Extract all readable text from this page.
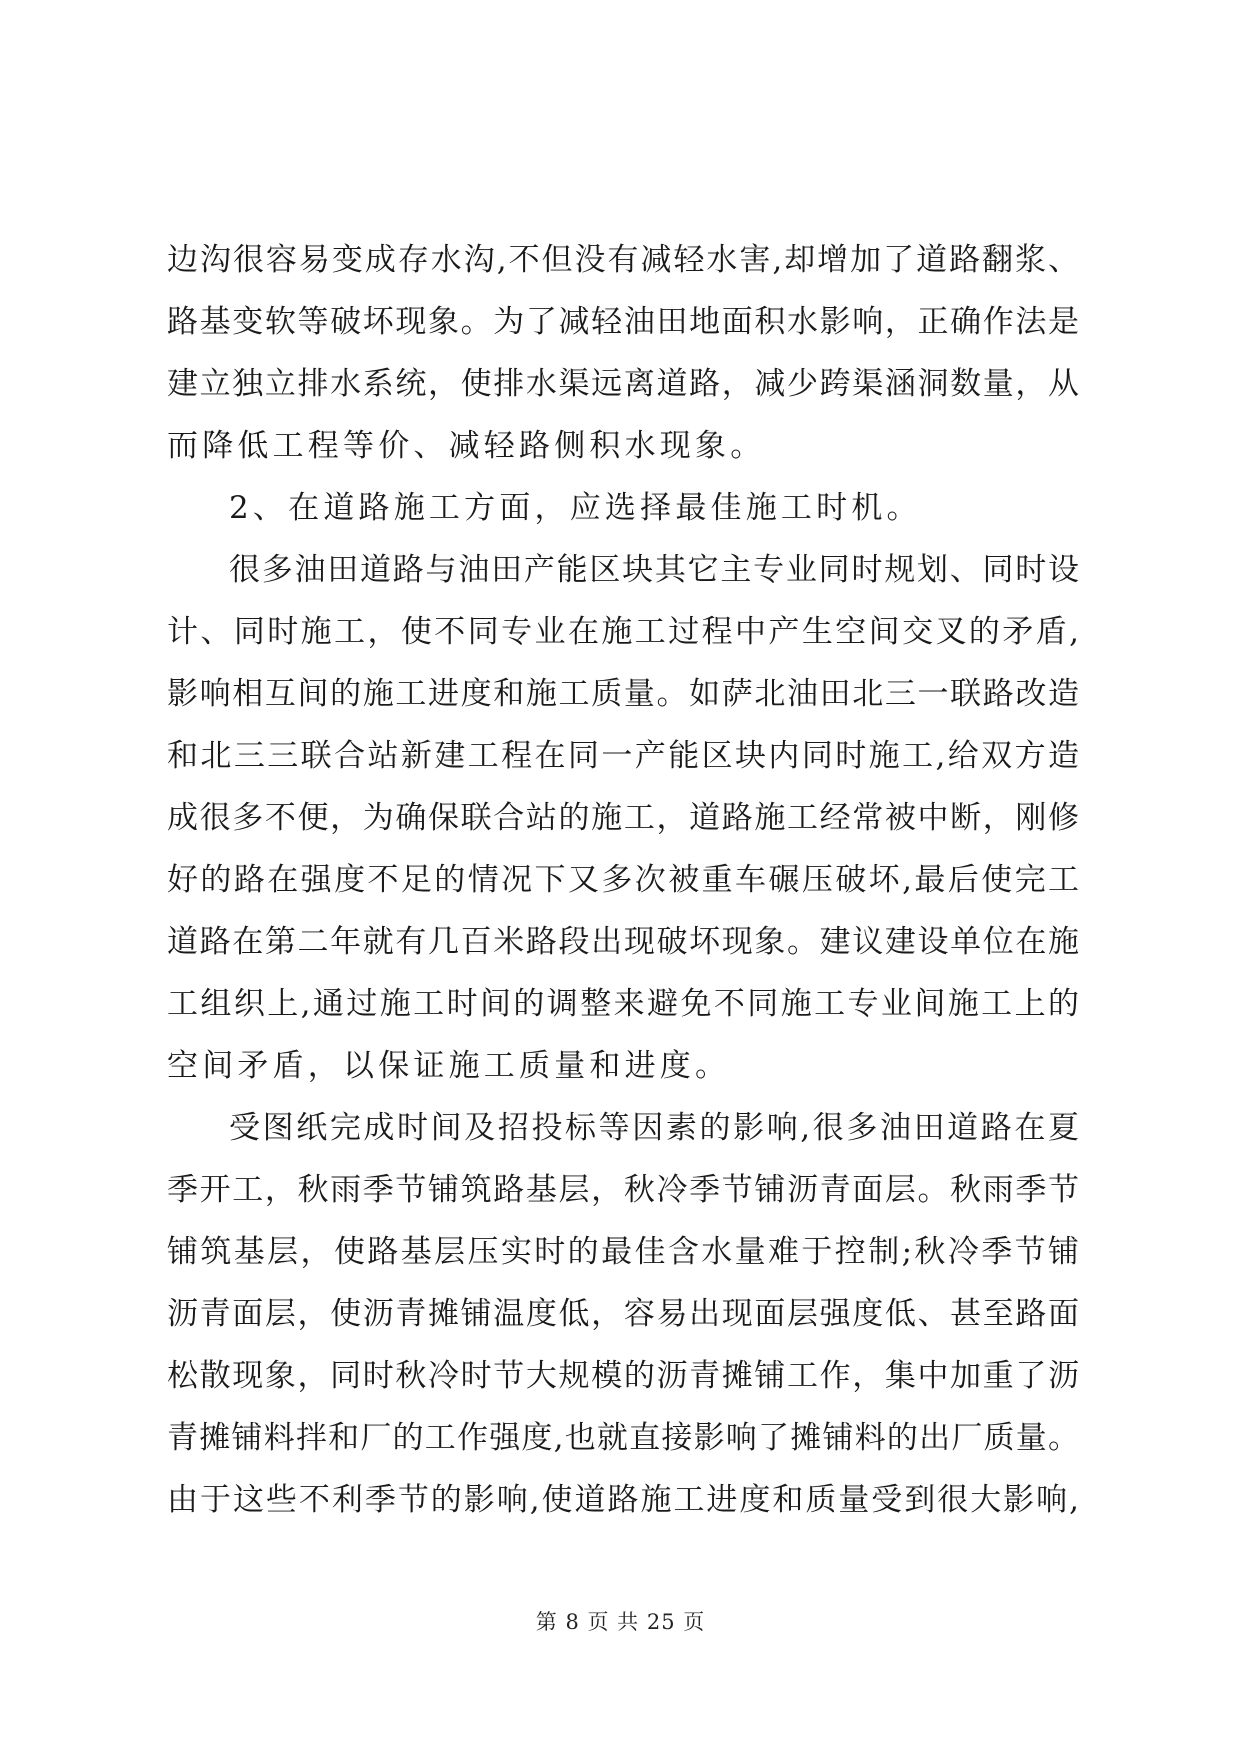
边沟很容易变成存水沟,不但没有减轻水害,却增加了道路翻浆、
路基变软等破坏现象。为了减轻油田地面积水影响，正确作法是
建立独立排水系统，使排水渠远离道路，减少跨渠涵洞数量，从
而降低工程等价、减轻路侧积水现象。
2、在道路施工方面，应选择最佳施工时机。
很多油田道路与油田产能区块其它主专业同时规划、同时设
计、同时施工，使不同专业在施工过程中产生空间交叉的矛盾,
影响相互间的施工进度和施工质量。如萨北油田北三一联路改造
和北三三联合站新建工程在同一产能区块内同时施工,给双方造
成很多不便，为确保联合站的施工，道路施工经常被中断，刚修
好的路在强度不足的情况下又多次被重车碾压破坏,最后使完工
道路在第二年就有几百米路段出现破坏现象。建议建设单位在施
工组织上,通过施工时间的调整来避免不同施工专业间施工上的
空间矛盾，以保证施工质量和进度。
受图纸完成时间及招投标等因素的影响,很多油田道路在夏
季开工，秋雨季节铺筑路基层，秋冷季节铺沥青面层。秋雨季节
铺筑基层，使路基层压实时的最佳含水量难于控制;秋冷季节铺
沥青面层，使沥青摊铺温度低，容易出现面层强度低、甚至路面
松散现象，同时秋冷时节大规模的沥青摊铺工作，集中加重了沥
青摊铺料拌和厂的工作强度,也就直接影响了摊铺料的出厂质量。
由于这些不利季节的影响,使道路施工进度和质量受到很大影响,
第 8 页 共 25 页
